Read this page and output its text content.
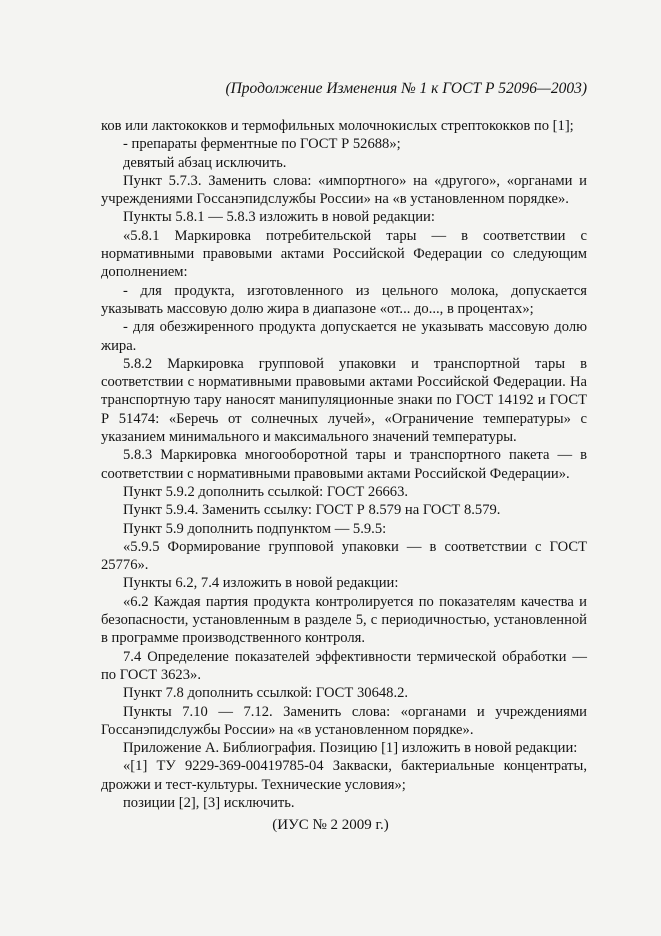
(Продолжение Изменения № 1 к ГОСТ Р 52096—2003)

ков или лактококков и термофильных молочнокислых стрептококков по [1];

- препараты ферментные по ГОСТ Р 52688»;

девятый абзац исключить.

Пункт 5.7.3. Заменить слова: «импортного» на «другого», «органами и учреждениями Госсанэпидслужбы России» на «в установленном порядке».

Пункты 5.8.1 — 5.8.3 изложить в новой редакции:

«5.8.1 Маркировка потребительской тары — в соответствии с нормативными правовыми актами Российской Федерации со следующим дополнением:

- для продукта, изготовленного из цельного молока, допускается указывать массовую долю жира в диапазоне «от... до..., в процентах»;

- для обезжиренного продукта допускается не указывать массовую долю жира.

5.8.2 Маркировка групповой упаковки и транспортной тары в соответствии с нормативными правовыми актами Российской Федерации. На транспортную тару наносят манипуляционные знаки по ГОСТ 14192 и ГОСТ Р 51474: «Беречь от солнечных лучей», «Ограничение температуры» с указанием минимального и максимального значений температуры.

5.8.3 Маркировка многооборотной тары и транспортного пакета — в соответствии с нормативными правовыми актами Российской Федерации».

Пункт 5.9.2 дополнить ссылкой: ГОСТ 26663.

Пункт 5.9.4. Заменить ссылку: ГОСТ Р 8.579 на ГОСТ 8.579.

Пункт 5.9 дополнить подпунктом — 5.9.5:

«5.9.5 Формирование групповой упаковки — в соответствии с ГОСТ 25776».

Пункты 6.2, 7.4 изложить в новой редакции:

«6.2 Каждая партия продукта контролируется по показателям качества и безопасности, установленным в разделе 5, с периодичностью, установленной в программе производственного контроля.

7.4 Определение показателей эффективности термической обработки — по ГОСТ 3623».

Пункт 7.8 дополнить ссылкой: ГОСТ 30648.2.

Пункты 7.10 — 7.12. Заменить слова: «органами и учреждениями Госсанэпидслужбы России» на «в установленном порядке».

Приложение А. Библиография. Позицию [1] изложить в новой редакции:

«[1] ТУ 9229-369-00419785-04 Закваски, бактериальные концентраты, дрожжи и тест-культуры. Технические условия»;

позиции [2], [3] исключить.

(ИУС № 2 2009 г.)
